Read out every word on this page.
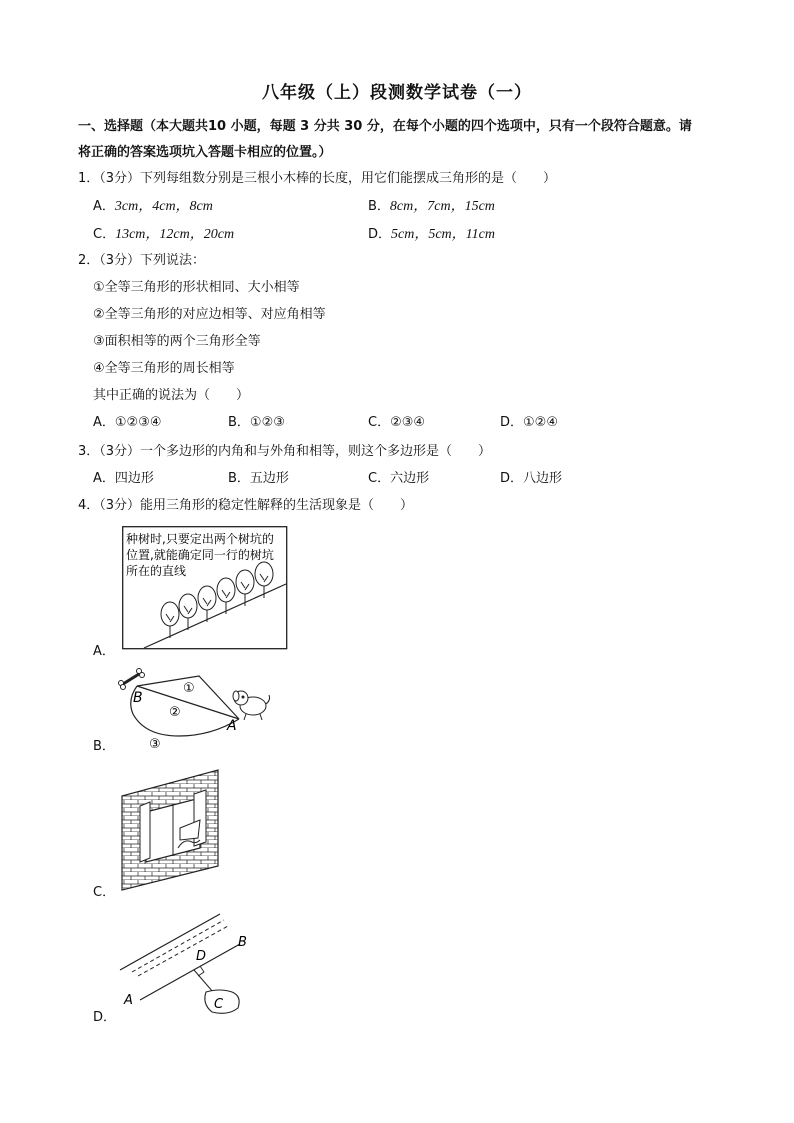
八年级（上）段测数学试卷（一）
一、选择题（本大题共10 小题，每题 3 分共 30 分，在每个小题的四个选项中，只有一个段符合题意。请
将正确的答案选项坑入答题卡相应的位置。）
1．（3分）下列每组数分别是三根小木棒的长度，用它们能摆成三角形的是（　　）
A．3cm，4cm，8cm	B．8cm，7cm，15cm
C．13cm，12cm，20cm	D．5cm，5cm，11cm
2．（3分）下列说法：
①全等三角形的形状相同、大小相等
②全等三角形的对应边相等、对应角相等
③面积相等的两个三角形全等
④全等三角形的周长相等
其中正确的说法为（　　）
A．①②③④	B．①②③	C．②③④	D．①②④
3．（3分）一个多边形的内角和与外角和相等，则这个多边形是（　　）
A．四边形	B．五边形	C．六边形	D．八边形
4．（3分）能用三角形的稳定性解释的生活现象是（　　）
种树时,只要定出两个树坑的
位置,就能确定同一行的树坑
所在的直线
A．
B
A
①
②
③
B．
C．
A
B
D
C
D．
